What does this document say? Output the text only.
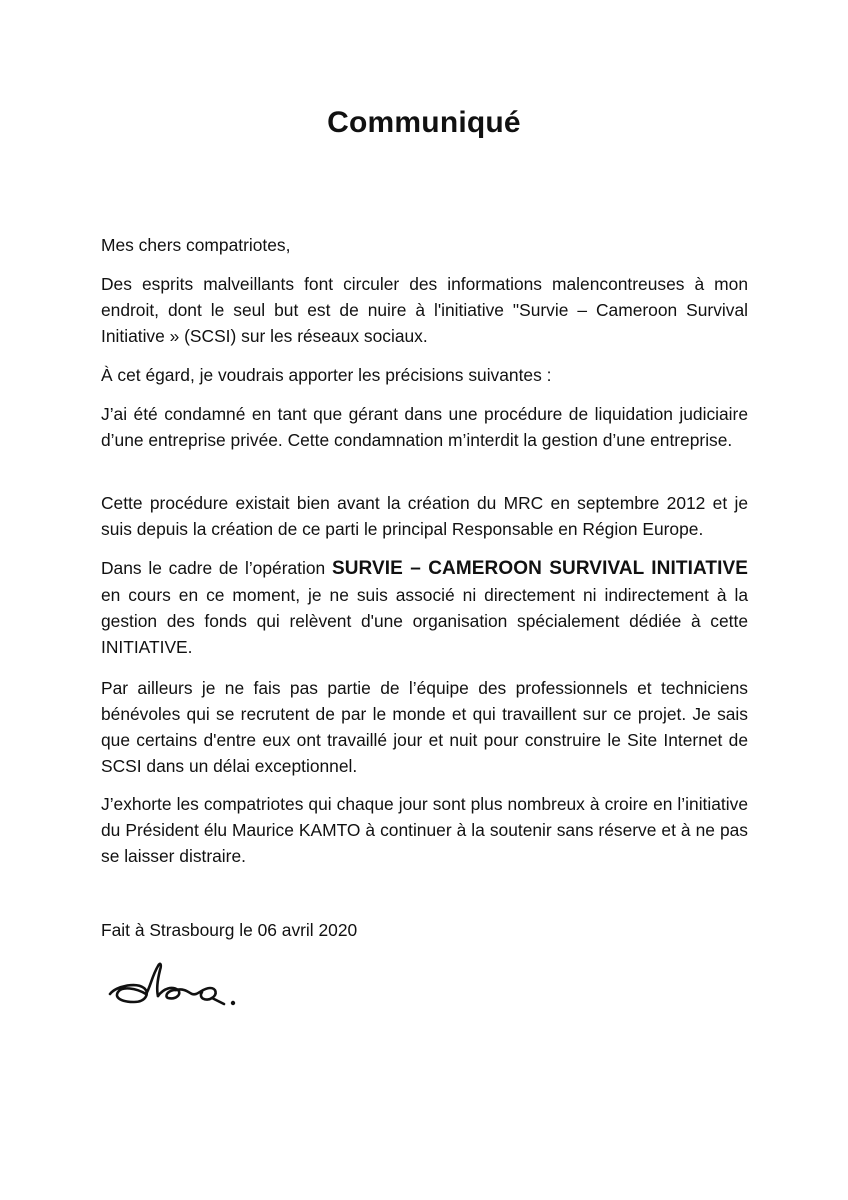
Communiqué

Mes chers compatriotes,

Des esprits malveillants font circuler des informations malencontreuses à mon endroit, dont le seul but est de nuire à l'initiative "Survie – Cameroon Survival Initiative » (SCSI) sur les réseaux sociaux.

À cet égard, je voudrais apporter les précisions suivantes :

J’ai été condamné en tant que gérant dans une procédure de liquidation judiciaire d’une entreprise privée. Cette condamnation m’interdit la gestion d’une entreprise.

Cette procédure existait bien avant la création du MRC en septembre 2012 et je suis depuis la création de ce parti le principal Responsable en Région Europe.

Dans le cadre de l’opération SURVIE – CAMEROON SURVIVAL INITIATIVE en cours en ce moment, je ne suis associé ni directement ni indirectement à la gestion des fonds qui relèvent d'une organisation spécialement dédiée à cette INITIATIVE.

Par ailleurs je ne fais pas partie de l’équipe des professionnels et techniciens bénévoles qui se recrutent de par le monde et qui travaillent sur ce projet. Je sais que certains d'entre eux ont travaillé jour et nuit pour construire le Site Internet de SCSI dans un délai exceptionnel.

J’exhorte les compatriotes qui chaque jour sont plus nombreux à croire en l’initiative du Président élu Maurice KAMTO à continuer à la soutenir sans réserve et à ne pas se laisser distraire.

Fait à Strasbourg le 06 avril 2020
